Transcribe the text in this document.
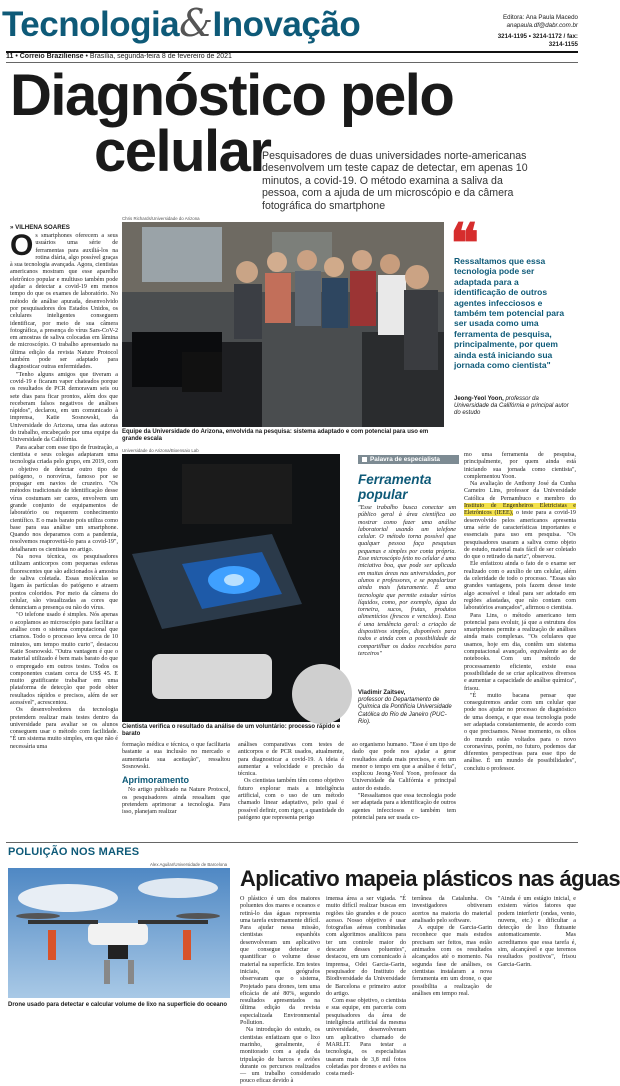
Tecnologia&Inovação	Editora: Ana Paula Macedo
anapaula.df@dabr.com.br
3214-1195 • 3214-1172 / fax: 3214-1155
11 • Correio Braziliense • Brasília, segunda-feira 8 de fevereiro de 2021
Diagnóstico pelo
celular
Pesquisadores de duas universidades norte-americanas desenvolvem um teste capaz de detectar, em apenas 10 minutos, a covid-19. O método examina a saliva da pessoa, com a ajuda de um microscópio e da câmera fotográfica do smartphone
» VILHENA SOARES
O s smartphones oferecem a seus usuários uma série de ferramentas para auxiliá-los na rotina diária, algo possível graças à sua tecnologia avançada. Agora, cientistas americanos mostram que esse aparelho eletrônico popular e multiuso também pode ajudar a detectar a covid-19 em menos tempo do que os exames de laboratório. No método de análise apurada, desenvolvido por pesquisadores dos Estados Unidos, os celulares inteligentes conseguem identificar, por meio de sua câmera fotográfica, a presença do vírus Sars-CoV-2 em amostras de saliva colocadas em lâmina de microscópio. O trabalho apresentado na última edição da revista Nature Protocol também pode ser adaptado para diagnosticar outras enfermidades.

"Tenho alguns amigos que tiveram a covid-19 e ficaram vaper chateados porque os resultados de PCR demoravam seis ou sete dias para ficar prontos, além dos que receberam falsos negativos de análises rápidos", declarou, em um comunicado à imprensa, Katie Sosnowski, da Universidade do Arizona, uma das autoras do trabalho, encabeçado por uma equipe da Universidade da Califórnia.

Para acabar com esse tipo de frustração, a cientista e seus colegas adaptaram uma tecnologia criada pelo grupo, em 2019, com o objetivo de detectar outro tipo de patógeno, o norovírus, famoso por se propagar em navios de cruzeiro. "Os métodos tradicionais de identificação desse vírus costumam ser caros, envolvem um grande conjunto de equipamentos de laboratório ou requerem conhecimento científico. E o mais barato pois utiliza como base para sua análise um smartphone. Quando nos deparamos com a pandemia, resolvemos reaproveitá-lo para a covid-19", detalharam os cientistas no artigo.

Na nova técnica, os pesquisadores utilizam anticorpos com pequenas esferas fluorescentes que são adicionados à amostra de saliva coletada. Essas moléculas se ligam às partículas do patógeno e atraem pontos coloridos. Por meio da câmera do celular, são visualizadas as cores que denunciam a presença ou não do vírus.

"O telefone usado é simples. Nós apenas o acoplamos ao microscópio para facilitar a análise com o sistema computacional que criamos. Todo o processo leva cerca de 10 minutos, um tempo muito curto", destacou Katie Sosnowski. "Outra vantagem é que o material utilizado é bem mais barato do que o empregado em outros testes. Todos os componentes custam cerca de US$ 45. E muito gratificante trabalhar em uma plataforma de detecção que pode obter resultados rápidos e precisos, além de ser acessível", acrescentou.

Os desenvolvedores da tecnologia pretendem realizar mais testes dentro da universidade para avaliar se os alunos conseguem usar o método com facilidade. "É um sistema muito simples, em que não é necessária uma

Chris Richards/Universidade do Arizona
Equipe da Universidade do Arizona, envolvida na pesquisa: sistema adaptado e com potencial para uso em grande escala
❝
Ressaltamos que essa tecnologia pode ser adaptada para a identificação de outros agentes infecciosos e também tem potencial para ser usada como uma ferramenta de pesquisa, principalmente, por quem ainda está iniciando sua jornada como cientista"
Jeong-Yeol Yoon, professor da Universidade da Califórnia e principal autor do estudo
Universidade do Arizona/Bioensaio Lab
Cientista verifica o resultado da análise de um voluntário: processo rápido e barato
Palavra de especialista
Ferramenta popular
"Esse trabalho busca conectar um público geral à área científica ao mostrar como fazer uma análise laboratorial usando um telefone celular. O método torna possível que qualquer pessoa faça pesquisas pequenas e simples por conta própria. Esse microscópio feito no celular é uma iniciativa boa, que pode ser aplicada em muitas áreas nas universidades, por alunos e professores, e se popularizar ainda mais futuramente. É uma tecnologia que permite estudar vários líquidos, como, por exemplo, água da torneira, sucos, frutas, produtos alimentícios (frescos e vencidos). Essa é uma tendência geral: a criação de dispositivos simples, disponíveis para todos e ainda com a possibilidade de compartilhar os dados recebidos para terceiros"
Vladimir Zaitsev,
professor do Departamento de Química da Pontifícia Universidade Católica do Rio de Janeiro (PUC-Rio).
formação médica e técnica, o que facilitaria bastante a sua inclusão no mercado e aumentaria sua aceitação", ressaltou Sosnowski.
Aprimoramento

No artigo publicado na Nature Protocol, os pesquisadores ainda ressaltam que pretendem aprimorar a tecnologia. Para isso, planejam realizar

análises comparativas com testes de anticorpos e de PCR usados, atualmente, para diagnosticar a covid-19. A ideia é aumentar a velocidade e precisão da técnica.

Os cientistas também têm como objetivo futuro explorar mais a inteligência artificial, com o uso de um método chamado linear adaptativo, pelo qual é possível definir, com rigor, a quantidade do patógeno que representa perigo

ao organismo humano. "Esse é um tipo de dado que pode nos ajudar a gerar resultados ainda mais precisos, e em um menor o tempo em que a análise é feita", explicou Jeong-Yeol Yoon, professor da Universidade da Califórnia e principal autor do estudo.

"Ressaltamos que essa tecnologia pode ser adaptada para a identificação de outros agentes infecciosos e também tem potencial para ser usada co-

mo uma ferramenta de pesquisa, principalmente, por quem ainda está iniciando sua jornada como cientista", complementou Yoon.

Na avaliação de Anthony José da Cunha Carneiro Lins, professor da Universidade Católica de Pernambuco e membro do Instituto de Engenheiros Eletricistas e Eletrônicos (IEEE), o teste para a covid-19 desenvolvido pelos americanos apresenta uma série de características importantes e essenciais para uso em pesquisa. "Os pesquisadores usaram a saliva como objeto de estudo, material mais fácil de ser coletado do que o retirado da nariz", observou.

Ele enfatizou ainda o fato de o exame ser realizado com o auxílio de um celular, além da celeridade de todo o processo. "Essas são grandes vantagens, pois fazem desse teste algo acessível e ideal para ser adotado em regiões afastadas, que não contam com laboratórios avançados", afirmou o cientista.

Para Lins, o método americano tem potencial para evoluir, já que a estrutura dos smartphones permite a realização de análises ainda mais complexas. "Os celulares que usamos, hoje em dia, contêm um sistema computacional avançado, equivalente ao de notebooks. Com um método de processamento eficiente, existe essa possibilidade de se criar aplicativos diversos e aumentar a capacidade de análise química", frisou.

"É muito bacana pensar que conseguiremos andar com um celular que pode nos ajudar no processo de diagnóstico de uma doença, e que essa tecnologia pode ser adaptada constantemente, de acordo com o que precisamos. Nesse momento, os olhos do mundo estão voltados para o novo coronavírus, porém, no futuro, podemos dar diferentes perspectivas para esse tipo de análise. É um mundo de possibilidades", concluiu o professor.

POLUIÇÃO NOS MARES
Alex Aguilar/Universidade de Barcelona
Drone usado para detectar e calcular volume de lixo na superfície do oceano
Aplicativo mapeia plásticos nas águas
O plástico é um dos maiores poluentes dos mares e oceanos e retirá-lo das águas representa uma tarefa extremamente difícil. Para ajudar nessa missão, cientistas espanhóis desenvolveram um aplicativo que consegue detectar e quantificar o volume desse material na superfície. Em testes iniciais, os geógrafos observaram que o sistema, Projetado para drones, tem uma eficácia de até 80%, segundo resultados apresentados na última edição da revista especializada Environmental Pollution.

Na introdução do estudo, os cientistas enfatizam que o lixo marinho, geralmente, é monitorado com a ajuda da tripulação de barcos e aviões durante os percursos realizados — um trabalho considerado pouco eficaz devido à

imensa área a ser vigiada. "É muito difícil realizar buscas em regiões tão grandes e de pouco acesso. Nosso objetivo é usar fotografias aéreas combinadas com algoritmos analíticos para ter um controle maior do descarte desses poluentes", destacou, em um comunicado à imprensa, Odei Garcia-Garin, pesquisador do Instituto de Biodiversidade da Universidade de Barcelona e primeiro autor do artigo.

Com esse objetivo, o cientista e sua equipe, em parceria com pesquisadores da área de inteligência artificial da mesma universidade, desenvolveram um aplicativo chamado de MARLIT. Para testar a tecnologia, os especialistas usaram mais de 3,8 mil fotos coletadas por drones e aviões na costa medi-

terrânea da Catalunha. Os investigadores obtiveram acertos na maioria do material analisado pelo software.

A equipe de Garcia-Garin reconhece que mais estudos precisam ser feitos, mas estão animados com os resultados alcançados até o momento. Na segunda fase de análises, os cientistas instalaram a nova ferramenta em um drone, o que possibilita a realização de análises em tempo real.

"Ainda é um estágio inicial, e existem vários fatores que podem interferir (ondas, vento, nuvens, etc.) e dificultar a detecção de lixo flutuante automaticamente. Mas acreditamos que essa tarefa é, sim, alcançável e que teremos resultados positivos", frisou Garcia-Garin.
